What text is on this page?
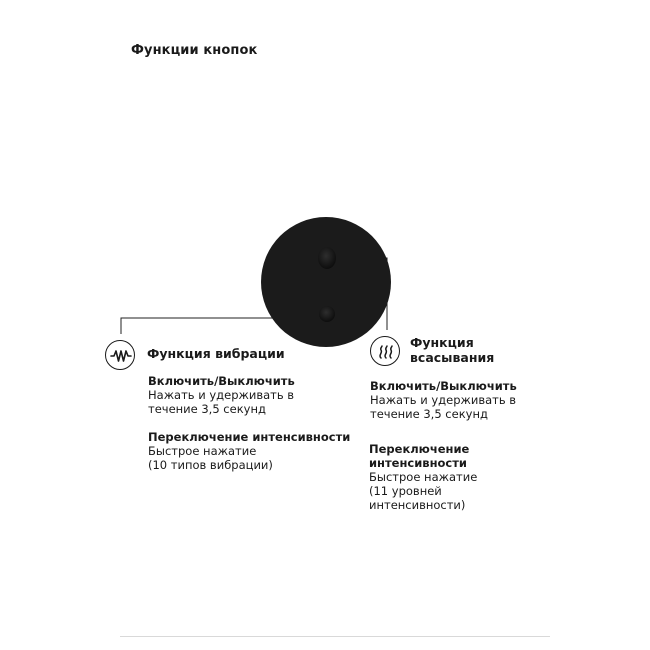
Функции кнопок
Функция вибрации
Включить/Выключить
Нажать и удерживать в
течение 3,5 секунд
Переключение интенсивности
Быстрое нажатие
(10 типов вибрации)
Функция
всасывания
Включить/Выключить
Нажать и удерживать в
течение 3,5 секунд
Переключение
интенсивности
Быстрое нажатие
(11 уровней
интенсивности)
